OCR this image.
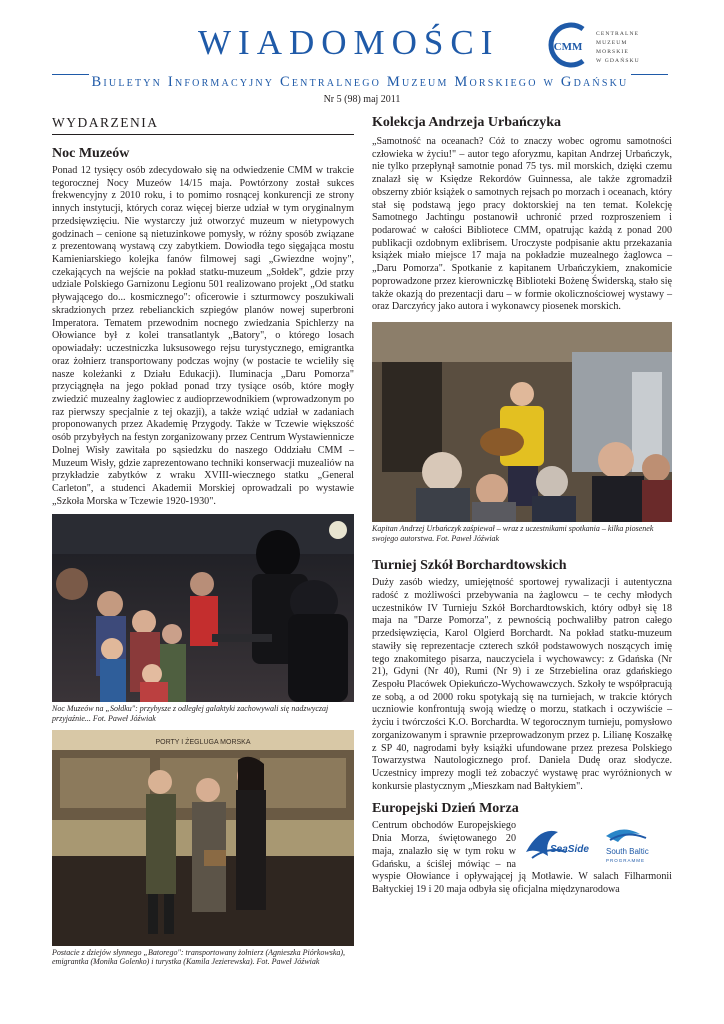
WIADOMOŚCI	CMM
CENTRALNE
MUZEUM
MORSKIE
W GDAŃSKU
Biuletyn Informacyjny Centralnego Muzeum Morskiego w Gdańsku
Nr 5 (98) maj 2011
WYDARZENIA
Noc Muzeów

Ponad 12 tysięcy osób zdecydowało się na odwiedzenie CMM w trakcie tegorocznej Nocy Muzeów 14/15 maja. Powtórzony został sukces frekwencyjny z 2010 roku, i to pomimo rosnącej konkurencji ze strony innych instytucji, których coraz więcej bierze udział w tym oryginalnym przedsięwzięciu. Nie wystarczy już otworzyć muzeum w nietypowych godzinach – cenione są nietuzinkowe pomysły, w różny sposób związane z prezentowaną wystawą czy zabytkiem. Dowiodła tego sięgająca mostu Kamieniarskiego kolejka fanów filmowej sagi „Gwiezdne wojny", czekających na wejście na pokład statku-muzeum „Sołdek", gdzie przy udziale Polskiego Garnizonu Legionu 501 realizowano projekt „Od statku pływającego do... kosmicznego": oficerowie i szturmowcy poszukiwali skradzionych przez rebelianckich szpiegów planów nowej superbroni Imperatora. Tematem przewodnim nocnego zwiedzania Spichlerzy na Ołowiance był z kolei transatlantyk „Batory", o którego losach opowiadały: uczestniczka luksusowego rejsu turystycznego, emigrantka oraz żołnierz transportowany podczas wojny (w postacie te wcieliły się nasze koleżanki z Działu Edukacji). Iluminacja „Daru Pomorza" przyciągnęła na jego pokład ponad trzy tysiące osób, które mogły zwiedzić muzealny żaglowiec z audioprzewodnikiem (wprowadzonym po raz pierwszy specjalnie z tej okazji), a także wziąć udział w zadaniach proponowanych przez Akademię Przygody. Także w Tczewie większość osób przybyłych na festyn zorganizowany przez Centrum Wystawiennicze Dolnej Wisły zawitała po sąsiedzku do naszego Oddziału CMM – Muzeum Wisły, gdzie zaprezentowano techniki konserwacji muzealiów na przykładzie zabytków z wraku XVIII-wiecznego statku „General Carleton", a studenci Akademii Morskiej oprowadzali po wystawie „Szkoła Morska w Tczewie 1920-1930".

Noc Muzeów na „Sołdku": przybysze z odległej galaktyki zachowywali się nadzwyczaj przyjaźnie... Fot. Paweł Jóźwiak

PORTY I ŻEGLUGA MORSKA

Postacie z dziejów słynnego „Batorego": transportowany żołnierz (Agnieszka Piórkowska), emigrantka (Monika Golenko) i turystka (Kamila Jezierewska). Fot. Paweł Jóźwiak

Kolekcja Andrzeja Urbańczyka

„Samotność na oceanach? Cóż to znaczy wobec ogromu samotności człowieka w życiu!" – autor tego aforyzmu, kapitan Andrzej Urbańczyk, nie tylko przepłynął samotnie ponad 75 tys. mil morskich, dzięki czemu znalazł się w Księdze Rekordów Guinnessa, ale także zgromadził obszerny zbiór książek o samotnych rejsach po morzach i oceanach, który stał się podstawą jego pracy doktorskiej na ten temat. Kolekcję Samotnego Jachtingu postanowił uchronić przed rozproszeniem i podarować w całości Bibliotece CMM, opatrując każdą z ponad 200 publikacji ozdobnym exlibrisem. Uroczyste podpisanie aktu przekazania książek miało miejsce 17 maja na pokładzie muzealnego żaglowca – „Daru Pomorza". Spotkanie z kapitanem Urbańczykiem, znakomicie poprowadzone przez kierowniczkę Biblioteki Bożenę Świderską, stało się także okazją do prezentacji daru – w formie okolicznościowej wystawy – oraz Darczyńcy jako autora i wykonawcy piosenek morskich.

Kapitan Andrzej Urbańczyk zaśpiewał – wraz z uczestnikami spotkania – kilka piosenek swojego autorstwa. Fot. Paweł Jóźwiak

Turniej Szkół Borchardtowskich

Duży zasób wiedzy, umiejętność sportowej rywalizacji i autentyczna radość z możliwości przebywania na żaglowcu – te cechy młodych uczestników IV Turnieju Szkół Borchardtowskich, który odbył się 18 maja na "Darze Pomorza", z pewnością pochwaliłby patron całego przedsięwzięcia, Karol Olgierd Borchardt. Na pokład statku-muzeum stawiły się reprezentacje czterech szkół podstawowych noszących imię tego znakomitego pisarza, nauczyciela i wychowawcy: z Gdańska (Nr 21), Gdyni (Nr 40), Rumi (Nr 9) i ze Strzebielina oraz gdańskiego Zespołu Placówek Opiekuńczo-Wychowawczych. Szkoły te współpracują ze sobą, a od 2000 roku spotykają się na turniejach, w trakcie których uczniowie konfrontują swoją wiedzę o morzu, statkach i oczywiście – życiu i twórczości K.O. Borchardta. W tegorocznym turnieju, pomysłowo zorganizowanym i sprawnie przeprowadzonym przez p. Lilianę Koszałkę z SP 40, nagrodami były książki ufundowane przez prezesa Polskiego Towarzystwa Nautologicznego prof. Daniela Dudę oraz słodycze. Uczestnicy imprezy mogli też zobaczyć wystawę prac wyróżnionych w konkursie plastycznym „Mieszkam nad Bałtykiem".

Europejski Dzień Morza
SeaSide South Baltic
PROGRAMME

Centrum obchodów Europejskiego Dnia Morza, świętowanego 20 maja, znalazło się w tym roku w Gdańsku, a ściślej mówiąc – na wyspie Ołowiance i opływającej ją Motławie. W salach Filharmonii Bałtyckiej 19 i 20 maja odbyła się oficjalna międzynarodowa
